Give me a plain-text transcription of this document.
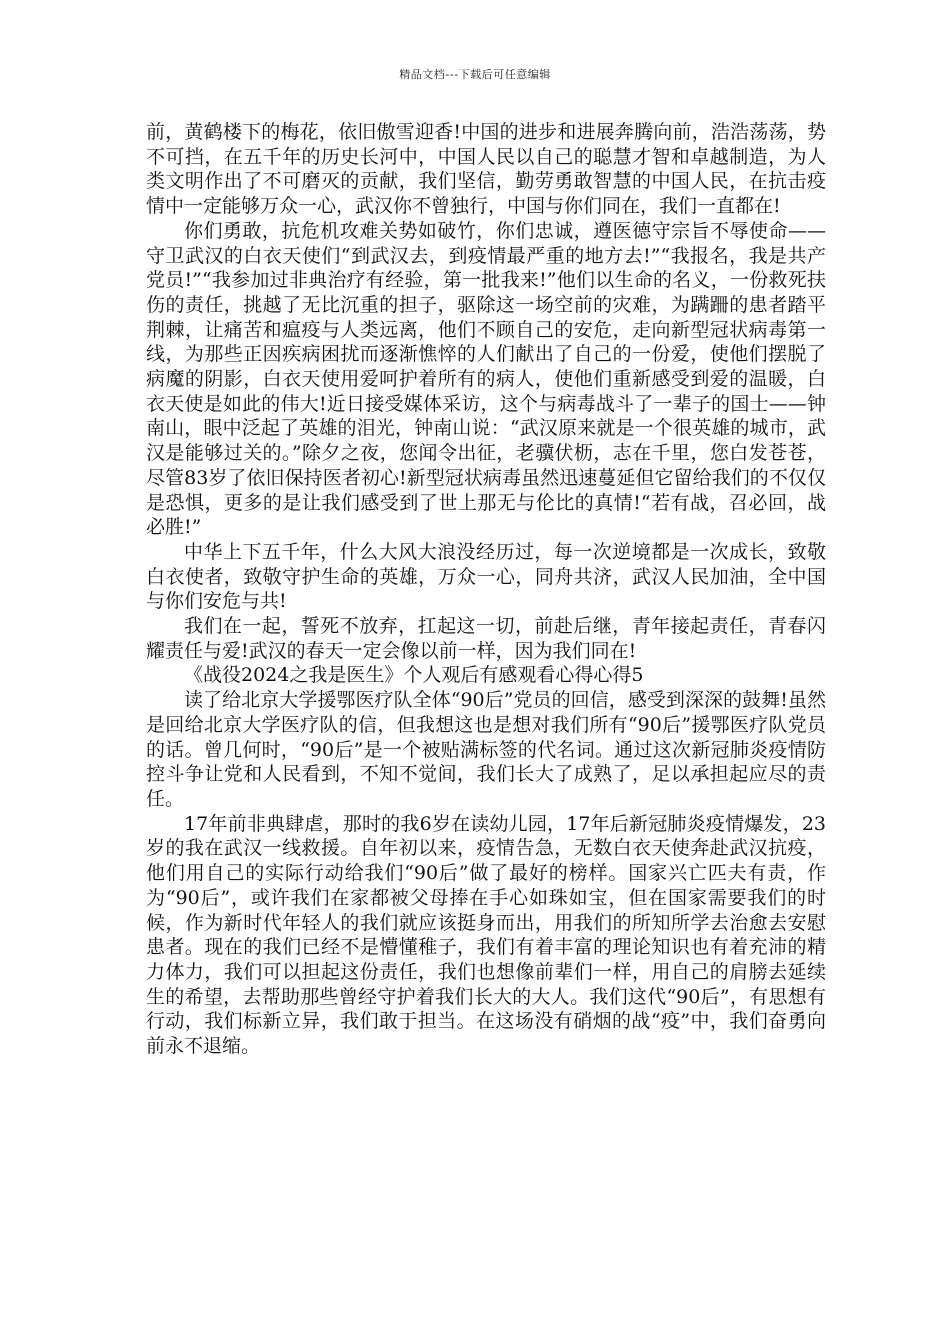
精品文档---下载后可任意编辑

前，黄鹤楼下的梅花，依旧傲雪迎香!中国的进步和进展奔腾向前，浩浩荡荡，势不可挡，在五千年的历史长河中，中国人民以自己的聪慧才智和卓越制造，为人类文明作出了不可磨灭的贡献，我们坚信，勤劳勇敢智慧的中国人民，在抗击疫情中一定能够万众一心，武汉你不曾独行，中国与你们同在，我们一直都在!

你们勇敢，抗危机攻难关势如破竹，你们忠诚，遵医德守宗旨不辱使命——守卫武汉的白衣天使们“到武汉去，到疫情最严重的地方去!”“我报名，我是共产党员!”“我参加过非典治疗有经验，第一批我来!”他们以生命的名义，一份救死扶伤的责任，挑越了无比沉重的担子，驱除这一场空前的灾难，为蹒跚的患者踏平荆棘，让痛苦和瘟疫与人类远离，他们不顾自己的安危，走向新型冠状病毒第一线，为那些正因疾病困扰而逐渐憔悴的人们献出了自己的一份爱，使他们摆脱了病魔的阴影，白衣天使用爱呵护着所有的病人，使他们重新感受到爱的温暖，白衣天使是如此的伟大!近日接受媒体采访，这个与病毒战斗了一辈子的国士——钟南山，眼中泛起了英雄的泪光，钟南山说：“武汉原来就是一个很英雄的城市，武汉是能够过关的。”除夕之夜，您闻令出征，老骥伏枥，志在千里，您白发苍苍，尽管83岁了依旧保持医者初心!新型冠状病毒虽然迅速蔓延但它留给我们的不仅仅是恐惧，更多的是让我们感受到了世上那无与伦比的真情!“若有战，召必回，战必胜!”

中华上下五千年，什么大风大浪没经历过，每一次逆境都是一次成长，致敬白衣使者，致敬守护生命的英雄，万众一心，同舟共济，武汉人民加油，全中国与你们安危与共!

我们在一起，誓死不放弃，扛起这一切，前赴后继，青年接起责任，青春闪耀责任与爱!武汉的春天一定会像以前一样，因为我们同在!

《战役2024之我是医生》个人观后有感观看心得心得5

读了给北京大学援鄂医疗队全体“90后”党员的回信，感受到深深的鼓舞!虽然是回给北京大学医疗队的信，但我想这也是想对我们所有“90后”援鄂医疗队党员的话。曾几何时，“90后”是一个被贴满标签的代名词。通过这次新冠肺炎疫情防控斗争让党和人民看到，不知不觉间，我们长大了成熟了，足以承担起应尽的责任。

17年前非典肆虐，那时的我6岁在读幼儿园，17年后新冠肺炎疫情爆发，23岁的我在武汉一线救援。自年初以来，疫情告急，无数白衣天使奔赴武汉抗疫，他们用自己的实际行动给我们“90后”做了最好的榜样。国家兴亡匹夫有责，作为“90后”，或许我们在家都被父母捧在手心如珠如宝，但在国家需要我们的时候，作为新时代年轻人的我们就应该挺身而出，用我们的所知所学去治愈去安慰患者。现在的我们已经不是懵懂稚子，我们有着丰富的理论知识也有着充沛的精力体力，我们可以担起这份责任，我们也想像前辈们一样，用自己的肩膀去延续生的希望，去帮助那些曾经守护着我们长大的大人。我们这代“90后”，有思想有行动，我们标新立异，我们敢于担当。在这场没有硝烟的战“疫”中，我们奋勇向前永不退缩。
